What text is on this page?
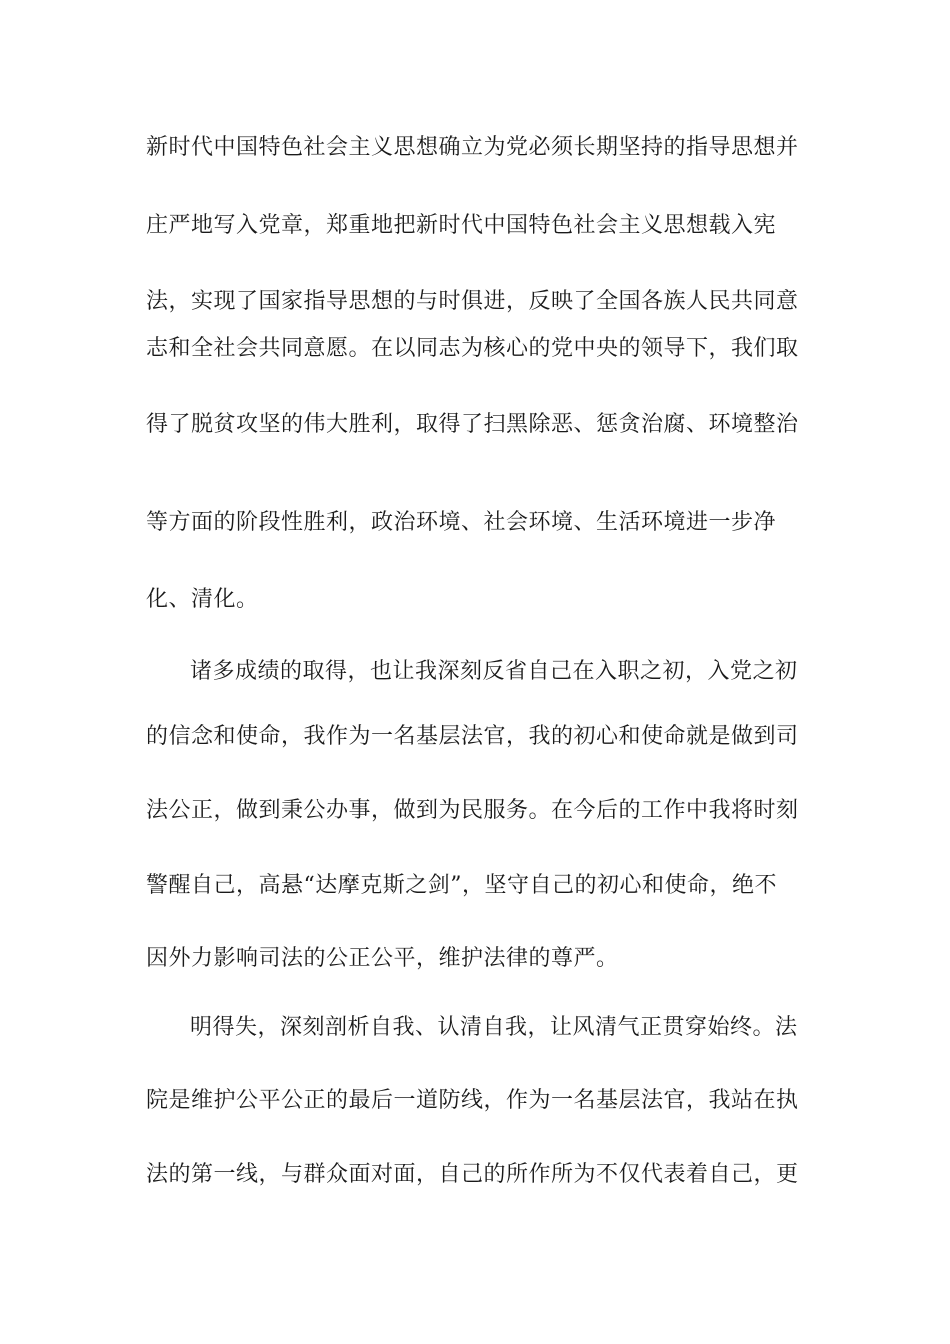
新时代中国特色社会主义思想确立为党必须长期坚持的指导思想并

庄严地写入党章，郑重地把新时代中国特色社会主义思想载入宪

法，实现了国家指导思想的与时俱进，反映了全国各族人民共同意

志和全社会共同意愿。在以同志为核心的党中央的领导下，我们取

得了脱贫攻坚的伟大胜利，取得了扫黑除恶、惩贪治腐、环境整治

等方面的阶段性胜利，政治环境、社会环境、生活环境进一步净

化、清化。

诸多成绩的取得，也让我深刻反省自己在入职之初，入党之初

的信念和使命，我作为一名基层法官，我的初心和使命就是做到司

法公正，做到秉公办事，做到为民服务。在今后的工作中我将时刻

警醒自己，高悬“达摩克斯之剑”，坚守自己的初心和使命，绝不

因外力影响司法的公正公平，维护法律的尊严。

明得失，深刻剖析自我、认清自我，让风清气正贯穿始终。法

院是维护公平公正的最后一道防线，作为一名基层法官，我站在执

法的第一线，与群众面对面，自己的所作所为不仅代表着自己，更
